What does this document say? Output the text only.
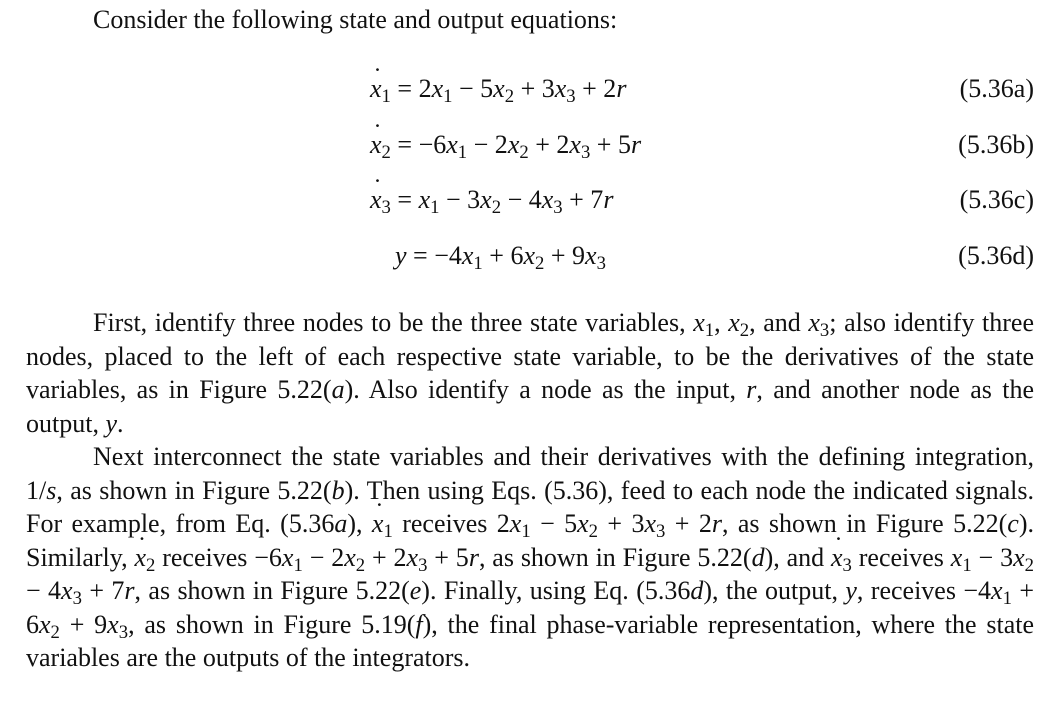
Consider the following state and output equations:
˙ $x_1 = 2x_1 - 5x_2 + 3x_3 + 2r$	(5.36a)
˙ $x_2 = -6x_1 - 2x_2 + 2x_3 + 5r$	(5.36b)
˙ $x_3 = x_1 - 3x_2 - 4x_3 + 7r$	(5.36c)
$y = -4x_1 + 6x_2 + 9x_3$	(5.36d)

First, identify three nodes to be the three state variables, $x_1$, $x_2$, and $x_3$; also identify three nodes, placed to the left of each respective state variable, to be the derivatives of the state variables, as in Figure 5.22(a). Also identify a node as the input, r, and another node as the output, y.

Next interconnect the state variables and their derivatives with the defining integration, 1/s, as shown in Figure 5.22(b). Then using Eqs. (5.36), feed to each node the indicated signals. For example, from Eq. (5.36a), ˙ $x_1$ receives $2x_1 - 5x_2 + 3x_3 + 2r$, as shown in Figure 5.22(c). Similarly, ˙ $x_2$ receives $-6x_1 - 2x_2 + 2x_3 + 5r$, as shown in Figure 5.22(d), and ˙ $x_3$ receives $x_1 - 3x_2 - 4x_3 + 7r$, as shown in Figure 5.22(e). Finally, using Eq. (5.36d), the output, y, receives $-4x_1 + 6x_2 + 9x_3$, as shown in Figure 5.19(f), the final phase-variable representation, where the state variables are the outputs of the integrators.
